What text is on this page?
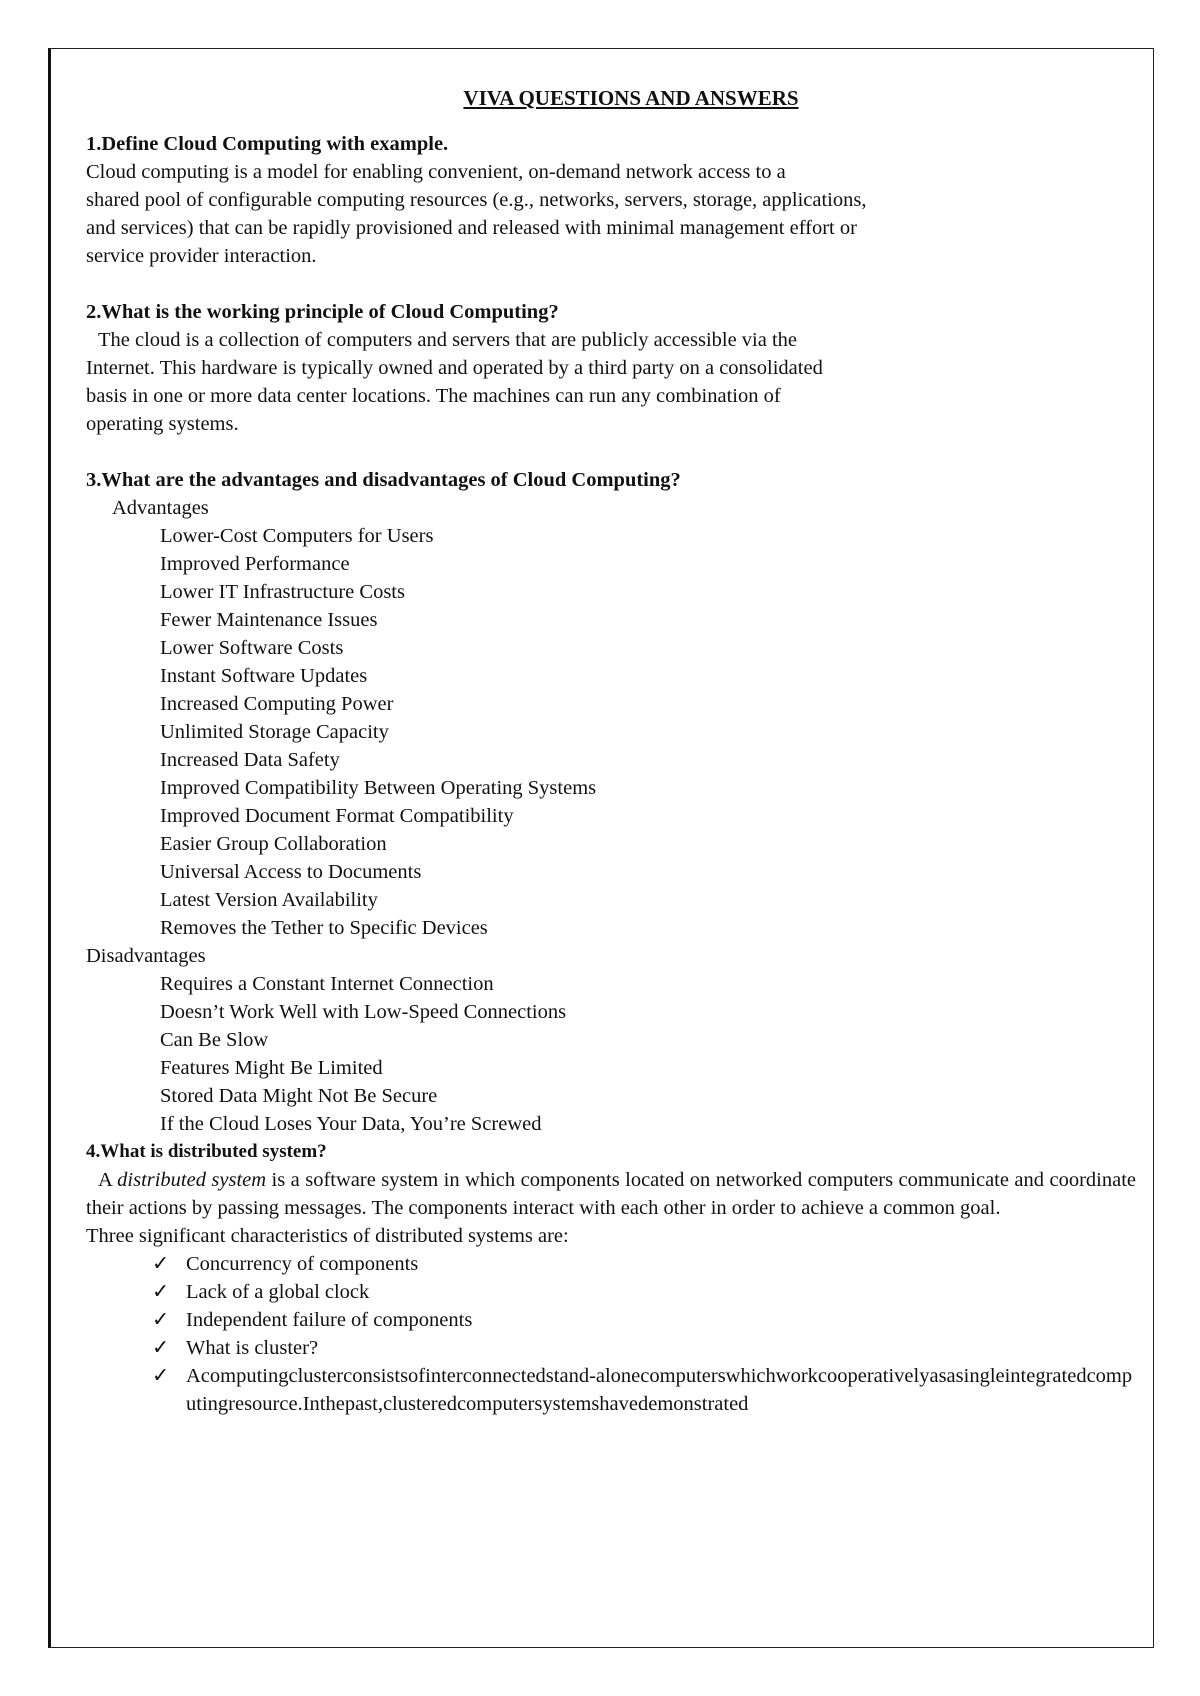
VIVA QUESTIONS AND ANSWERS

1.Define Cloud Computing with example.

Cloud computing is a model for enabling convenient, on-demand network access to a

shared pool of configurable computing resources (e.g., networks, servers, storage, applications,

and services) that can be rapidly provisioned and released with minimal management effort or

service provider interaction.

2.What is the working principle of Cloud Computing?

The cloud is a collection of computers and servers that are publicly accessible via the

Internet. This hardware is typically owned and operated by a third party on a consolidated

basis in one or more data center locations. The machines can run any combination of

operating systems.

3.What are the advantages and disadvantages of Cloud Computing?

Advantages

Lower-Cost Computers for Users
Improved Performance
Lower IT Infrastructure Costs
Fewer Maintenance Issues
Lower Software Costs
Instant Software Updates
Increased Computing Power
Unlimited Storage Capacity
Increased Data Safety
Improved Compatibility Between Operating Systems
Improved Document Format Compatibility
Easier Group Collaboration
Universal Access to Documents
Latest Version Availability
Removes the Tether to Specific Devices

Disadvantages

Requires a Constant Internet Connection
Doesn’t Work Well with Low-Speed Connections
Can Be Slow
Features Might Be Limited
Stored Data Might Not Be Secure
If the Cloud Loses Your Data, You’re Screwed

4.What is distributed system?

A distributed system is a software system in which components located on networked computers communicate and coordinate their actions by passing messages. The components interact with each other in order to achieve a common goal.

Three significant characteristics of distributed systems are:

✓ Concurrency of components
✓ Lack of a global clock
✓ Independent failure of components
✓ What is cluster?
✓ Acomputingclusterconsistsofinterconnectedstand-alonecomputerswhichworkcooperativelyasasingleintegratedcomputingresource.Inthepast,clusteredcomputersystemshavedemonstrated
